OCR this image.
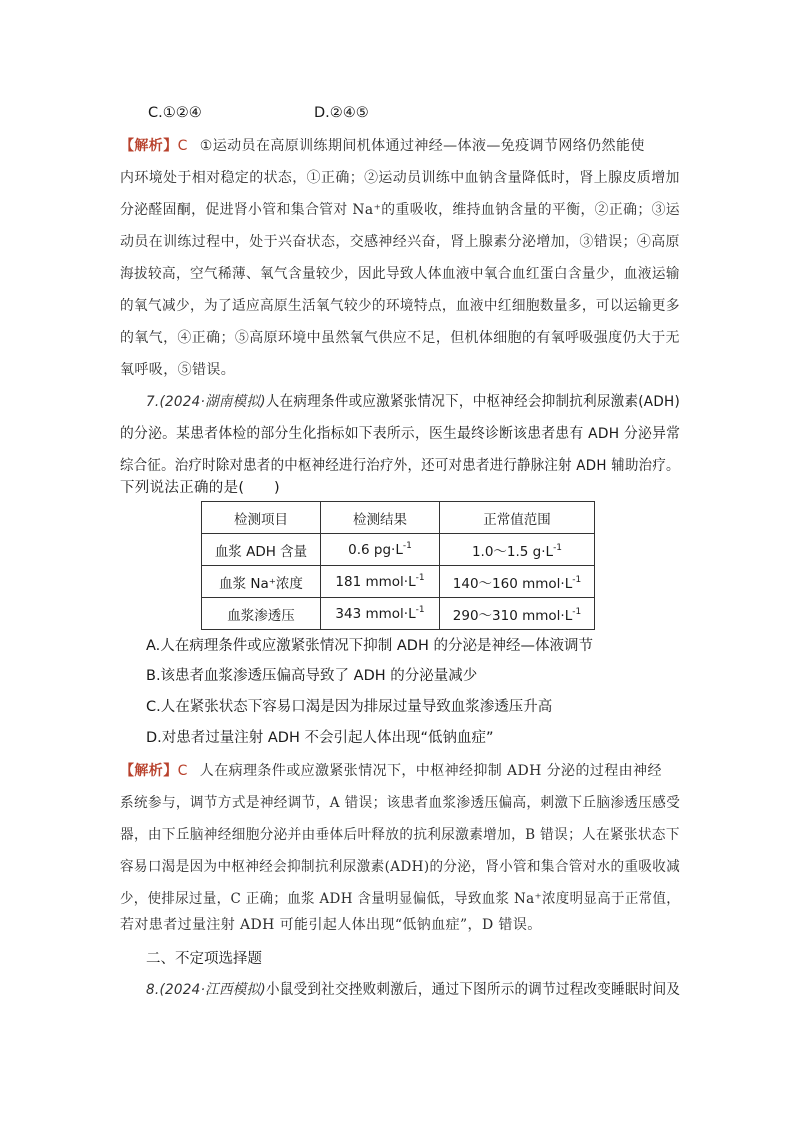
C.①②④	D.②④⑤
【解析】C ①运动员在高原训练期间机体通过神经—体液—免疫调节网络仍然能使
内环境处于相对稳定的状态，①正确；②运动员训练中血钠含量降低时，肾上腺皮质增加
分泌醛固酮，促进肾小管和集合管对 Na⁺的重吸收，维持血钠含量的平衡，②正确；③运
动员在训练过程中，处于兴奋状态，交感神经兴奋，肾上腺素分泌增加，③错误；④高原
海拔较高，空气稀薄、氧气含量较少，因此导致人体血液中氧合血红蛋白含量少，血液运输
的氧气减少，为了适应高原生活氧气较少的环境特点，血液中红细胞数量多，可以运输更多
的氧气，④正确；⑤高原环境中虽然氧气供应不足，但机体细胞的有氧呼吸强度仍大于无
氧呼吸，⑤错误。
7.(2024·湖南模拟)人在病理条件或应激紧张情况下，中枢神经会抑制抗利尿激素(ADH)
的分泌。某患者体检的部分生化指标如下表所示，医生最终诊断该患者患有 ADH 分泌异常
综合征。治疗时除对患者的中枢神经进行治疗外，还可对患者进行静脉注射 ADH 辅助治疗。
下列说法正确的是(　　)
检测项目	检测结果	正常值范围
血浆 ADH 含量	0.6 $pg\cdot L^{-1}$	1.0～1.5 $g\cdot L^{-1}$
血浆 Na⁺浓度	181 $mmol\cdot L^{-1}$	140～160 $mmol\cdot L^{-1}$
血浆渗透压	343 $mmol\cdot L^{-1}$	290～310 $mmol\cdot L^{-1}$
A.人在病理条件或应激紧张情况下抑制 ADH 的分泌是神经—体液调节
B.该患者血浆渗透压偏高导致了 ADH 的分泌量减少
C.人在紧张状态下容易口渴是因为排尿过量导致血浆渗透压升高
D.对患者过量注射 ADH 不会引起人体出现“低钠血症”
【解析】C 人在病理条件或应激紧张情况下，中枢神经抑制 ADH 分泌的过程由神经
系统参与，调节方式是神经调节，A 错误；该患者血浆渗透压偏高，刺激下丘脑渗透压感受
器，由下丘脑神经细胞分泌并由垂体后叶释放的抗利尿激素增加，B 错误；人在紧张状态下
容易口渴是因为中枢神经会抑制抗利尿激素(ADH)的分泌，肾小管和集合管对水的重吸收减
少，使排尿过量，C 正确；血浆 ADH 含量明显偏低，导致血浆 Na⁺浓度明显高于正常值，
若对患者过量注射 ADH 可能引起人体出现“低钠血症”，D 错误。
二、不定项选择题
8.(2024·江西模拟)小鼠受到社交挫败刺激后，通过下图所示的调节过程改变睡眠时间及
